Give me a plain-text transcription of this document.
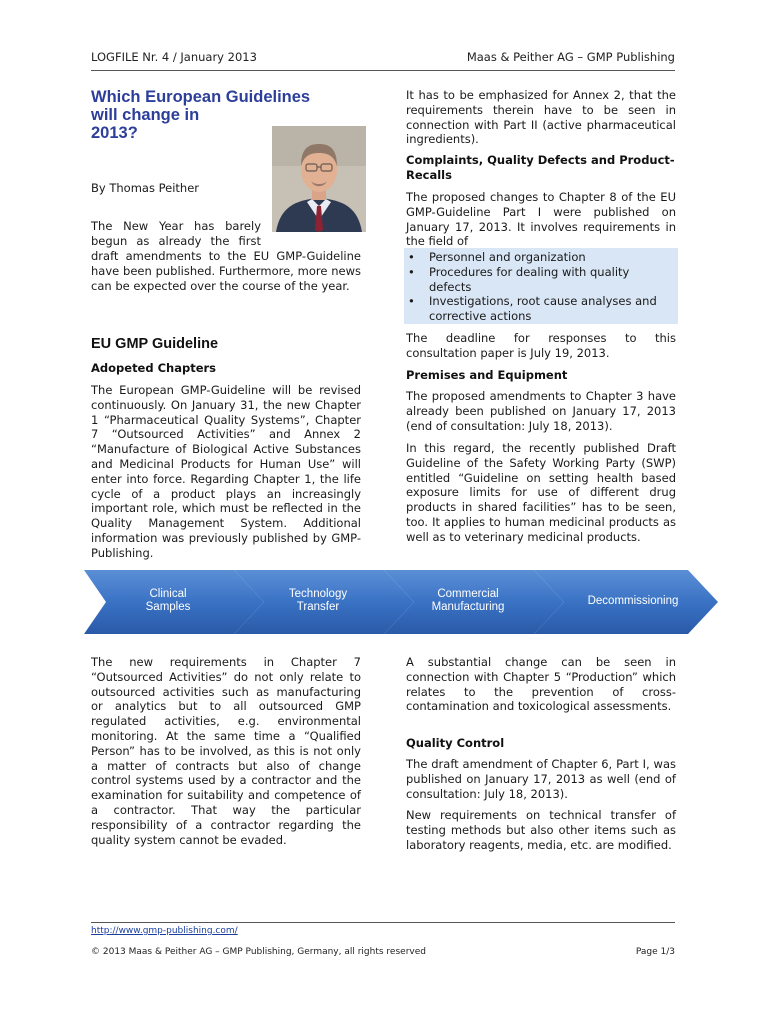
LOGFILE Nr. 4 / January 2013	Maas & Peither AG – GMP Publishing
Which European Guidelines
will change in
2013?
By Thomas Peither
The New Year has barely
begun as already the first
draft amendments to the EU GMP-Guideline have been published. Furthermore, more news can be expected over the course of the year.
EU GMP Guideline
Adopeted Chapters
The European GMP-Guideline will be revised continuously. On January 31, the new Chapter 1 “Pharmaceutical Quality Systems”, Chapter 7 “Outsourced Activities” and Annex 2 “Manufacture of Biological Active Substances and Medicinal Products for Human Use” will enter into force. Regarding Chapter 1, the life cycle of a product plays an increasingly important role, which must be reflected in the Quality Management System. Additional information was previously published by GMP-Publishing.
It has to be emphasized for Annex 2, that the requirements therein have to be seen in connection with Part II (active pharmaceutical ingredients).
Complaints, Quality Defects and Product-Recalls
The proposed changes to Chapter 8 of the EU GMP-Guideline Part I were published on January 17, 2013. It involves requirements in the field of
• Personnel and organization
• Procedures for dealing with quality
defects
• Investigations, root cause analyses and
corrective actions
The deadline for responses to this consultation paper is July 19, 2013.
Premises and Equipment
The proposed amendments to Chapter 3 have already been published on January 17, 2013 (end of consultation: July 18, 2013).
In this regard, the recently published Draft Guideline of the Safety Working Party (SWP) entitled “Guideline on setting health based exposure limits for use of different drug products in shared facilities” has to be seen, too. It applies to human medicinal products as well as to veterinary medicinal products.
Clinical
Samples
Technology
Transfer
Commercial
Manufacturing	Decommissioning
The new requirements in Chapter 7 “Outsourced Activities” do not only relate to outsourced activities such as manufacturing or analytics but to all outsourced GMP regulated activities, e.g. environmental monitoring. At the same time a “Qualified Person” has to be involved, as this is not only a matter of contracts but also of change control systems used by a contractor and the examination for suitability and competence of a contractor. That way the particular responsibility of a contractor regarding the quality system cannot be evaded.
A substantial change can be seen in connection with Chapter 5 “Production” which relates to the prevention of cross-contamination and toxicological assessments.
Quality Control
The draft amendment of Chapter 6, Part I, was published on January 17, 2013 as well (end of consultation: July 18, 2013).
New requirements on technical transfer of testing methods but also other items such as laboratory reagents, media, etc. are modified.
http://www.gmp-publishing.com/
© 2013 Maas & Peither AG – GMP Publishing, Germany, all rights reserved	Page 1/3
